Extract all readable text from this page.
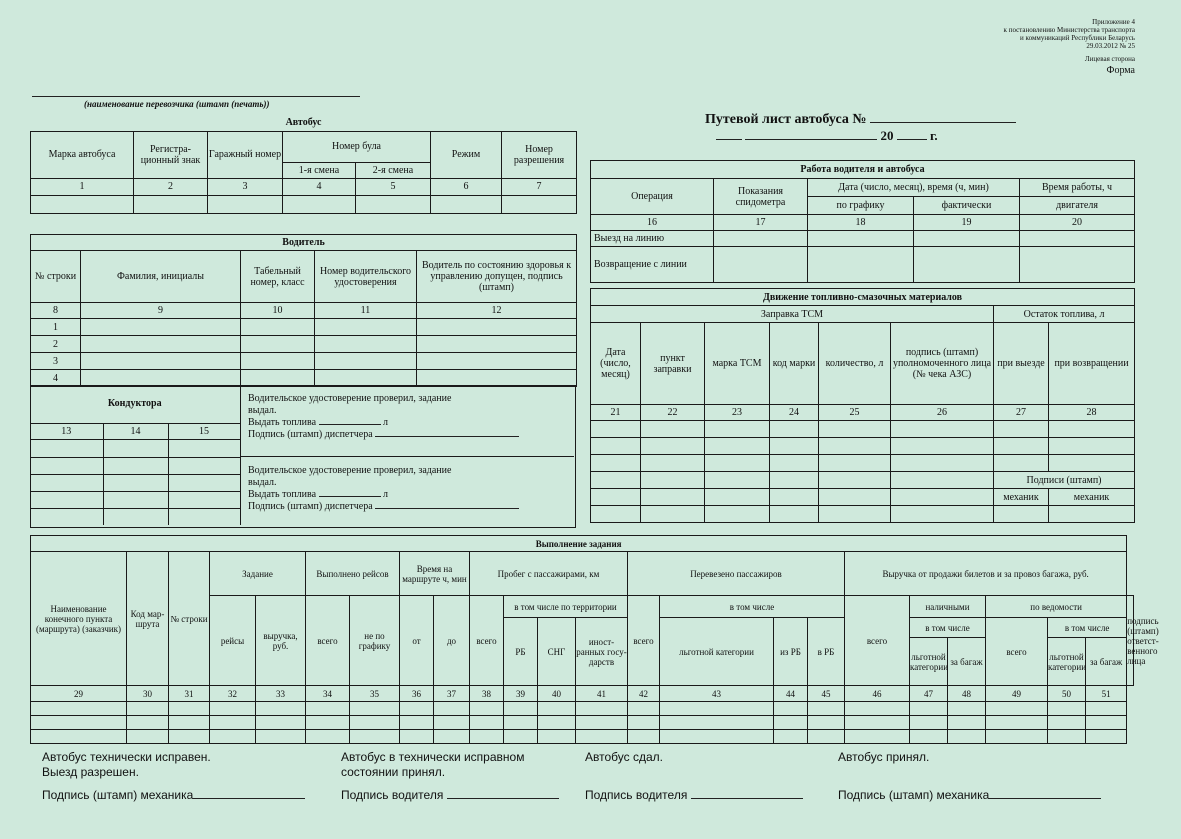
Приложение 4
к постановлению Министерства транспорта
и коммуникаций Республики Беларусь
29.03.2012 № 25
Лицевая сторона
Форма
(наименование перевозчика (штамп (печать))
Путевой лист автобуса №
20	г.
Автобус						
Марка автобуса	Регистра-ционный знак	Гаражный номер	Номер була		Режим	Номер разрешения
			1-я смена	2-я смена		
1	2	3	4	5	6	7

Водитель				
№ строки	Фамилия, инициалы	Табельный номер, класс	Номер водительского удостоверения	Водитель по состоянию здоровья к управлению допущен, подпись (штамп)
8	9	10	11	12
1				
2				
3				
4				
Кондуктора		
13	14	15

Водительское удостоверение проверил, задание
выдал.
Выдать топлива	л
Подпись (штамп) диспетчера
Водительское удостоверение проверил, задание
выдал.
Выдать топлива	л
Подпись (штамп) диспетчера
Работа водителя и автобуса				
Операция	Показания спидометра	Дата (число, месяц), время (ч, мин)		Время работы, ч
		по графику	фактически	двигателя
16	17	18	19	20
Выезд на линию				
Возвращение с линии				
Движение топливно-смазочных материалов							
Заправка ТСМ						Остаток топлива, л	
Дата (число, месяц)	пункт заправки	марка ТСМ	код марки	количество, л	подпись (штамп) уполномоченного лица (№ чека АЗС)	при выезде	при возвращении
21	22	23	24	25	26	27	28

						Подписи (штамп)	
						механик	механик

Выполнение задания																							
Наименование конечного пункта (маршрута) (заказчик)	Код мар-шрута	№ строки	Задание		Выполнено рейсов		Время на маршруте ч, мин		Пробег с пассажирами, км				Перевезено пассажиров				Выручка от продажи билетов и за провоз багажа, руб.						
			рейсы	выручка, руб.	всего	не по графику	от	до	всего	в том числе по территории			всего	в том числе			всего	наличными		по ведомости			подпись (штамп) ответст-венного лица
										РБ	СНГ	иност-ранных госу-дарств		льготной категории	из РБ	в РБ		в том числе		всего	в том числе		
																		льготной категории	за багаж		льготной категории	за багаж	
29	30	31	32	33	34	35	36	37	38	39	40	41	42	43	44	45	46	47	48	49	50	51	

Автобус технически исправен.
Выезд разрешен.
Подпись (штамп) механика
Автобус в технически исправном
состоянии принял.
Подпись водителя
Автобус сдал.
Подпись водителя
Автобус принял.
Подпись (штамп) механика
